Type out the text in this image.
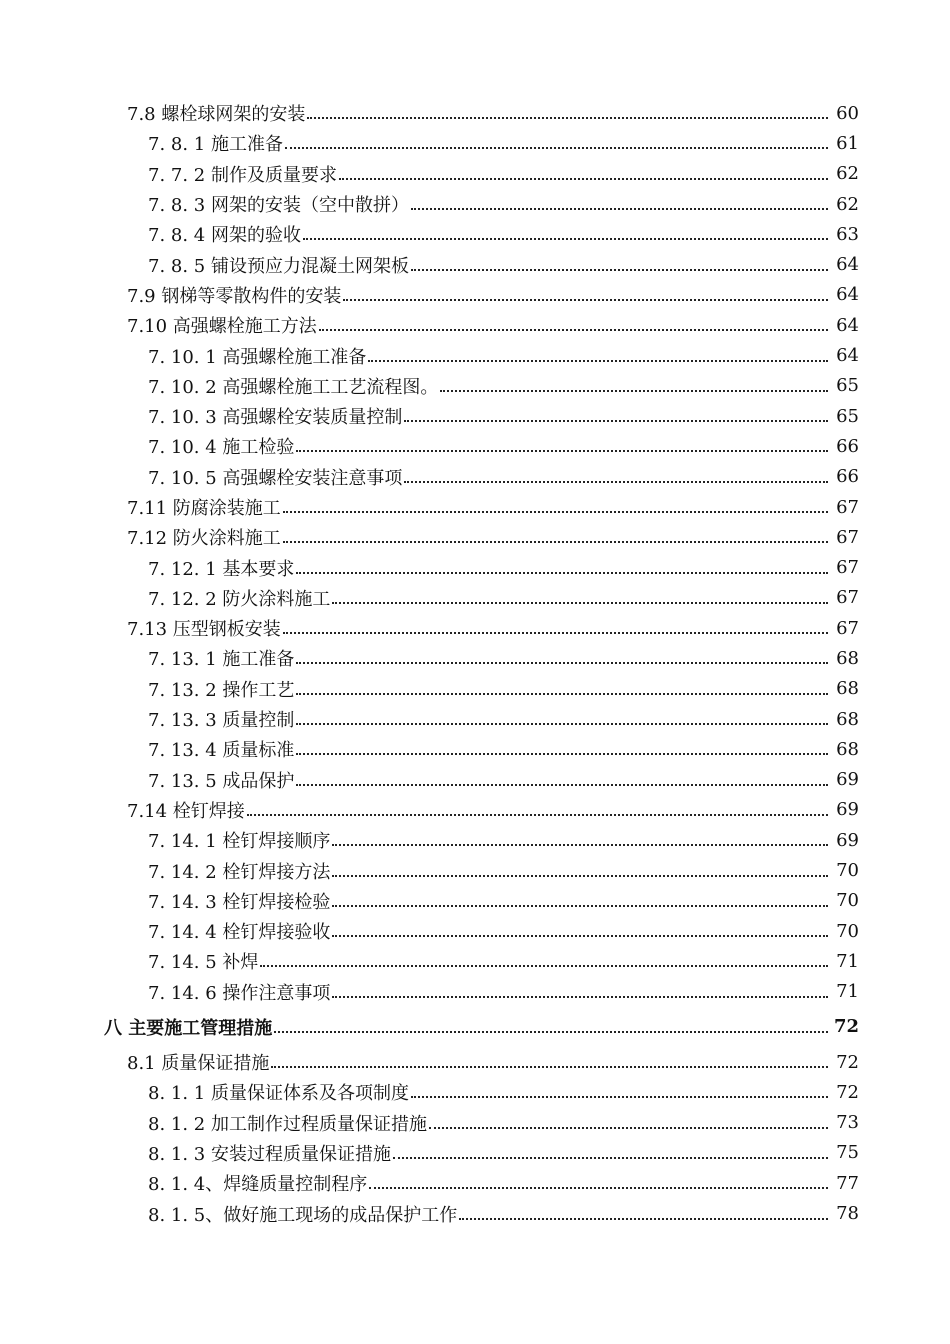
7.8 螺栓球网架的安装	60
7. 8. 1 施工准备	61
7. 7. 2 制作及质量要求	62
7. 8. 3 网架的安装（空中散拼）	62
7. 8. 4 网架的验收	63
7. 8. 5 铺设预应力混凝土网架板	64
7.9 钢梯等零散构件的安装	64
7.10 高强螺栓施工方法	64
7. 10. 1 高强螺栓施工准备	64
7. 10. 2 高强螺栓施工工艺流程图。	65
7. 10. 3 高强螺栓安装质量控制	65
7. 10. 4 施工检验	66
7. 10. 5 高强螺栓安装注意事项	66
7.11 防腐涂装施工	67
7.12 防火涂料施工	67
7. 12. 1 基本要求	67
7. 12. 2 防火涂料施工	67
7.13 压型钢板安装	67
7. 13. 1 施工准备	68
7. 13. 2 操作工艺	68
7. 13. 3 质量控制	68
7. 13. 4 质量标准	68
7. 13. 5 成品保护	69
7.14 栓钉焊接	69
7. 14. 1 栓钉焊接顺序	69
7. 14. 2 栓钉焊接方法	70
7. 14. 3 栓钉焊接检验	70
7. 14. 4 栓钉焊接验收	70
7. 14. 5 补焊	71
7. 14. 6 操作注意事项	71
八 主要施工管理措施	72
8.1 质量保证措施	72
8. 1. 1 质量保证体系及各项制度	72
8. 1. 2 加工制作过程质量保证措施	73
8. 1. 3 安装过程质量保证措施	75
8. 1. 4、焊缝质量控制程序	77
8. 1. 5、做好施工现场的成品保护工作	78
